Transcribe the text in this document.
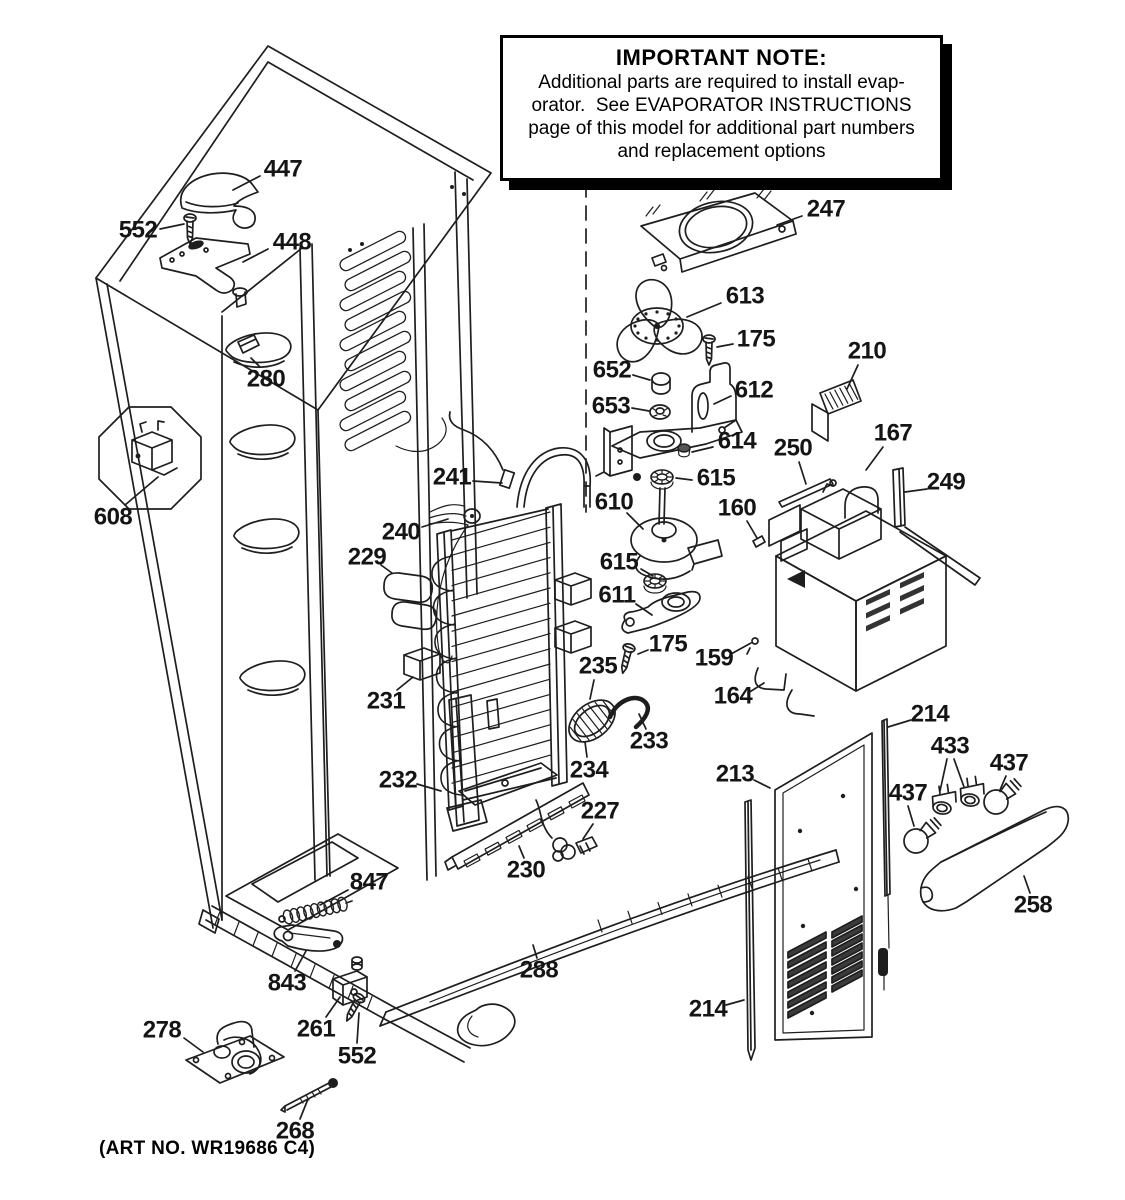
447
552	448
280
608
247
613
175
652
653
612
210
614
615
610	160
250
167
249
615
611
175
159
164
229
241
240
231
235
233
234
232
227
230
288
847
843
261
552
278
268
213
214
433
437
437
258
214
IMPORTANT NOTE:
Additional parts are required to install evap-
orator.  See EVAPORATOR INSTRUCTIONS
page of this model for additional part numbers
and replacement options
(ART NO. WR19686 C4)
